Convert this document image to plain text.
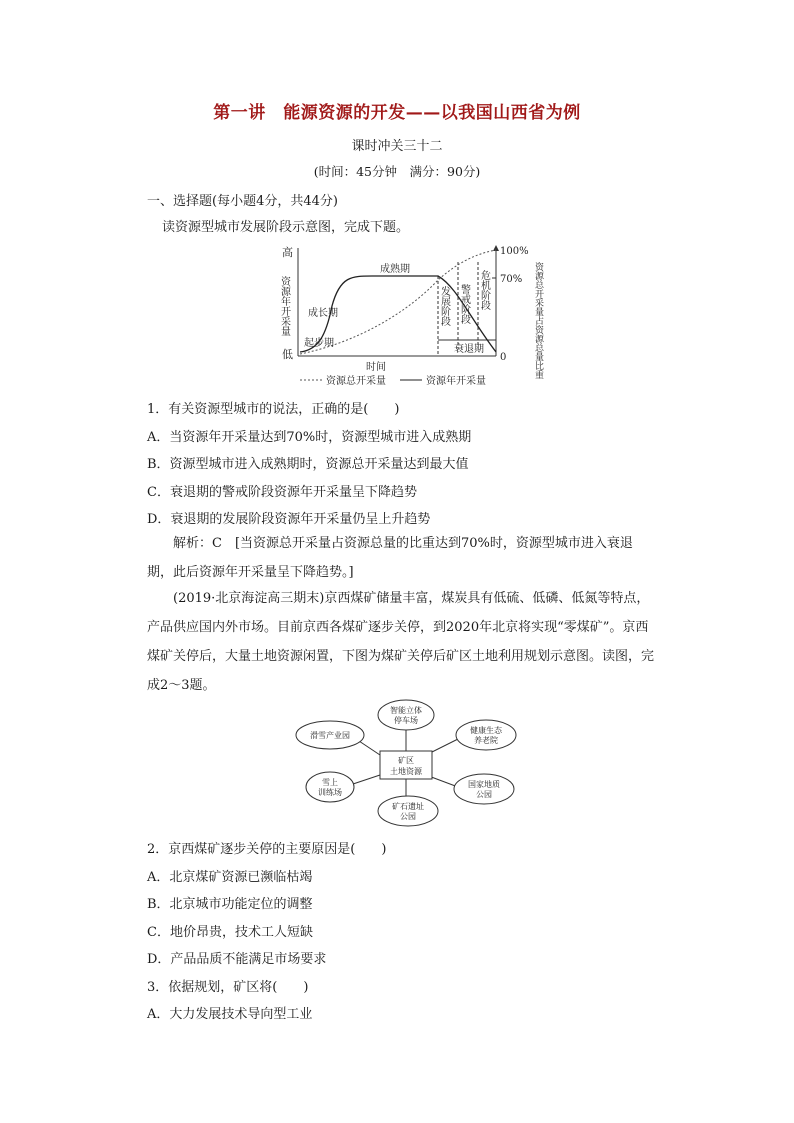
第一讲　能源资源的开发——以我国山西省为例
课时冲关三十二
(时间：45分钟　满分：90分)
一、选择题(每小题4分，共44分)
读资源型城市发展阶段示意图，完成下题。
高
低
资源年开采量
100%
70%
0	资源总开采量占资源总量比重
起步期
成长期
成熟期
发展阶段 警戒阶段 危机阶段
衰退期
时间
资源总开采量	资源年开采量
1．有关资源型城市的说法，正确的是(　　)
A．当资源年开采量达到70%时，资源型城市进入成熟期
B．资源型城市进入成熟期时，资源总开采量达到最大值
C．衰退期的警戒阶段资源年开采量呈下降趋势
D．衰退期的发展阶段资源年开采量仍呈上升趋势
解析：C　[当资源总开采量占资源总量的比重达到70%时，资源型城市进入衰退期，此后资源年开采量呈下降趋势。]
(2019·北京海淀高三期末)京西煤矿储量丰富，煤炭具有低硫、低磷、低氮等特点，产品供应国内外市场。目前京西各煤矿逐步关停，到2020年北京将实现“零煤矿”。京西煤矿关停后，大量土地资源闲置，下图为煤矿关停后矿区土地利用规划示意图。读图，完成2～3题。
矿区
土地资源
智能立体
停车场
健康生态
养老院
国家地质
公园
矿石遗址
公园
雪上
训练场
滑雪产业园
2．京西煤矿逐步关停的主要原因是(　　)
A．北京煤矿资源已濒临枯竭
B．北京城市功能定位的调整
C．地价昂贵，技术工人短缺
D．产品品质不能满足市场要求
3．依据规划，矿区将(　　)
A．大力发展技术导向型工业
